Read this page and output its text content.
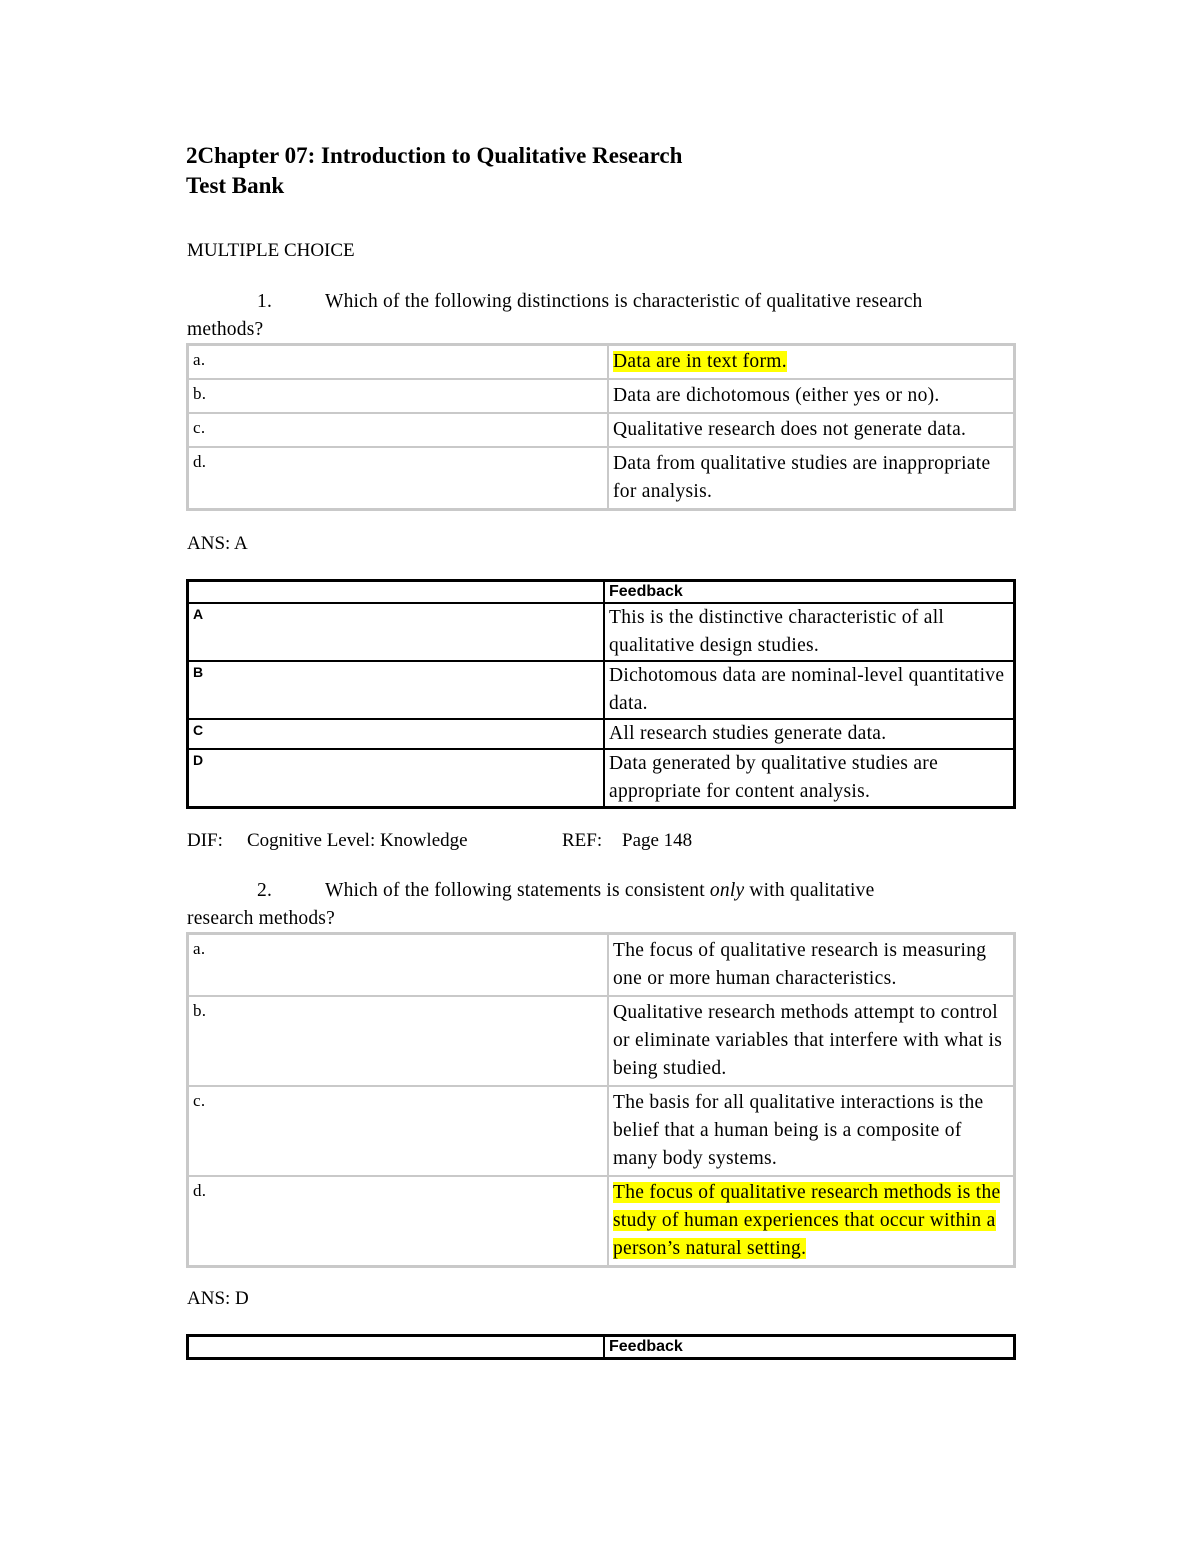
2Chapter 07: Introduction to Qualitative Research
Test Bank
MULTIPLE CHOICE
1.	Which of the following distinctions is characteristic of qualitative research
methods?
a.	Data are in text form.
b.	Data are dichotomous (either yes or no).
c.	Qualitative research does not generate data.
d.	Data from qualitative studies are inappropriate for analysis.
ANS: A
	Feedback
A	This is the distinctive characteristic of all qualitative design studies.
B	Dichotomous data are nominal-level quantitative data.
C	All research studies generate data.
D	Data generated by qualitative studies are appropriate for content analysis.
DIF: Cognitive Level: Knowledge	REF: Page 148
2.	Which of the following statements is consistent only with qualitative
research methods?
a.	The focus of qualitative research is measuring one or more human characteristics.
b.	Qualitative research methods attempt to control or eliminate variables that interfere with what is being studied.
c.	The basis for all qualitative interactions is the belief that a human being is a composite of many body systems.
d.	The focus of qualitative research methods is the study of human experiences that occur within a person’s natural setting.
ANS: D
	Feedback
